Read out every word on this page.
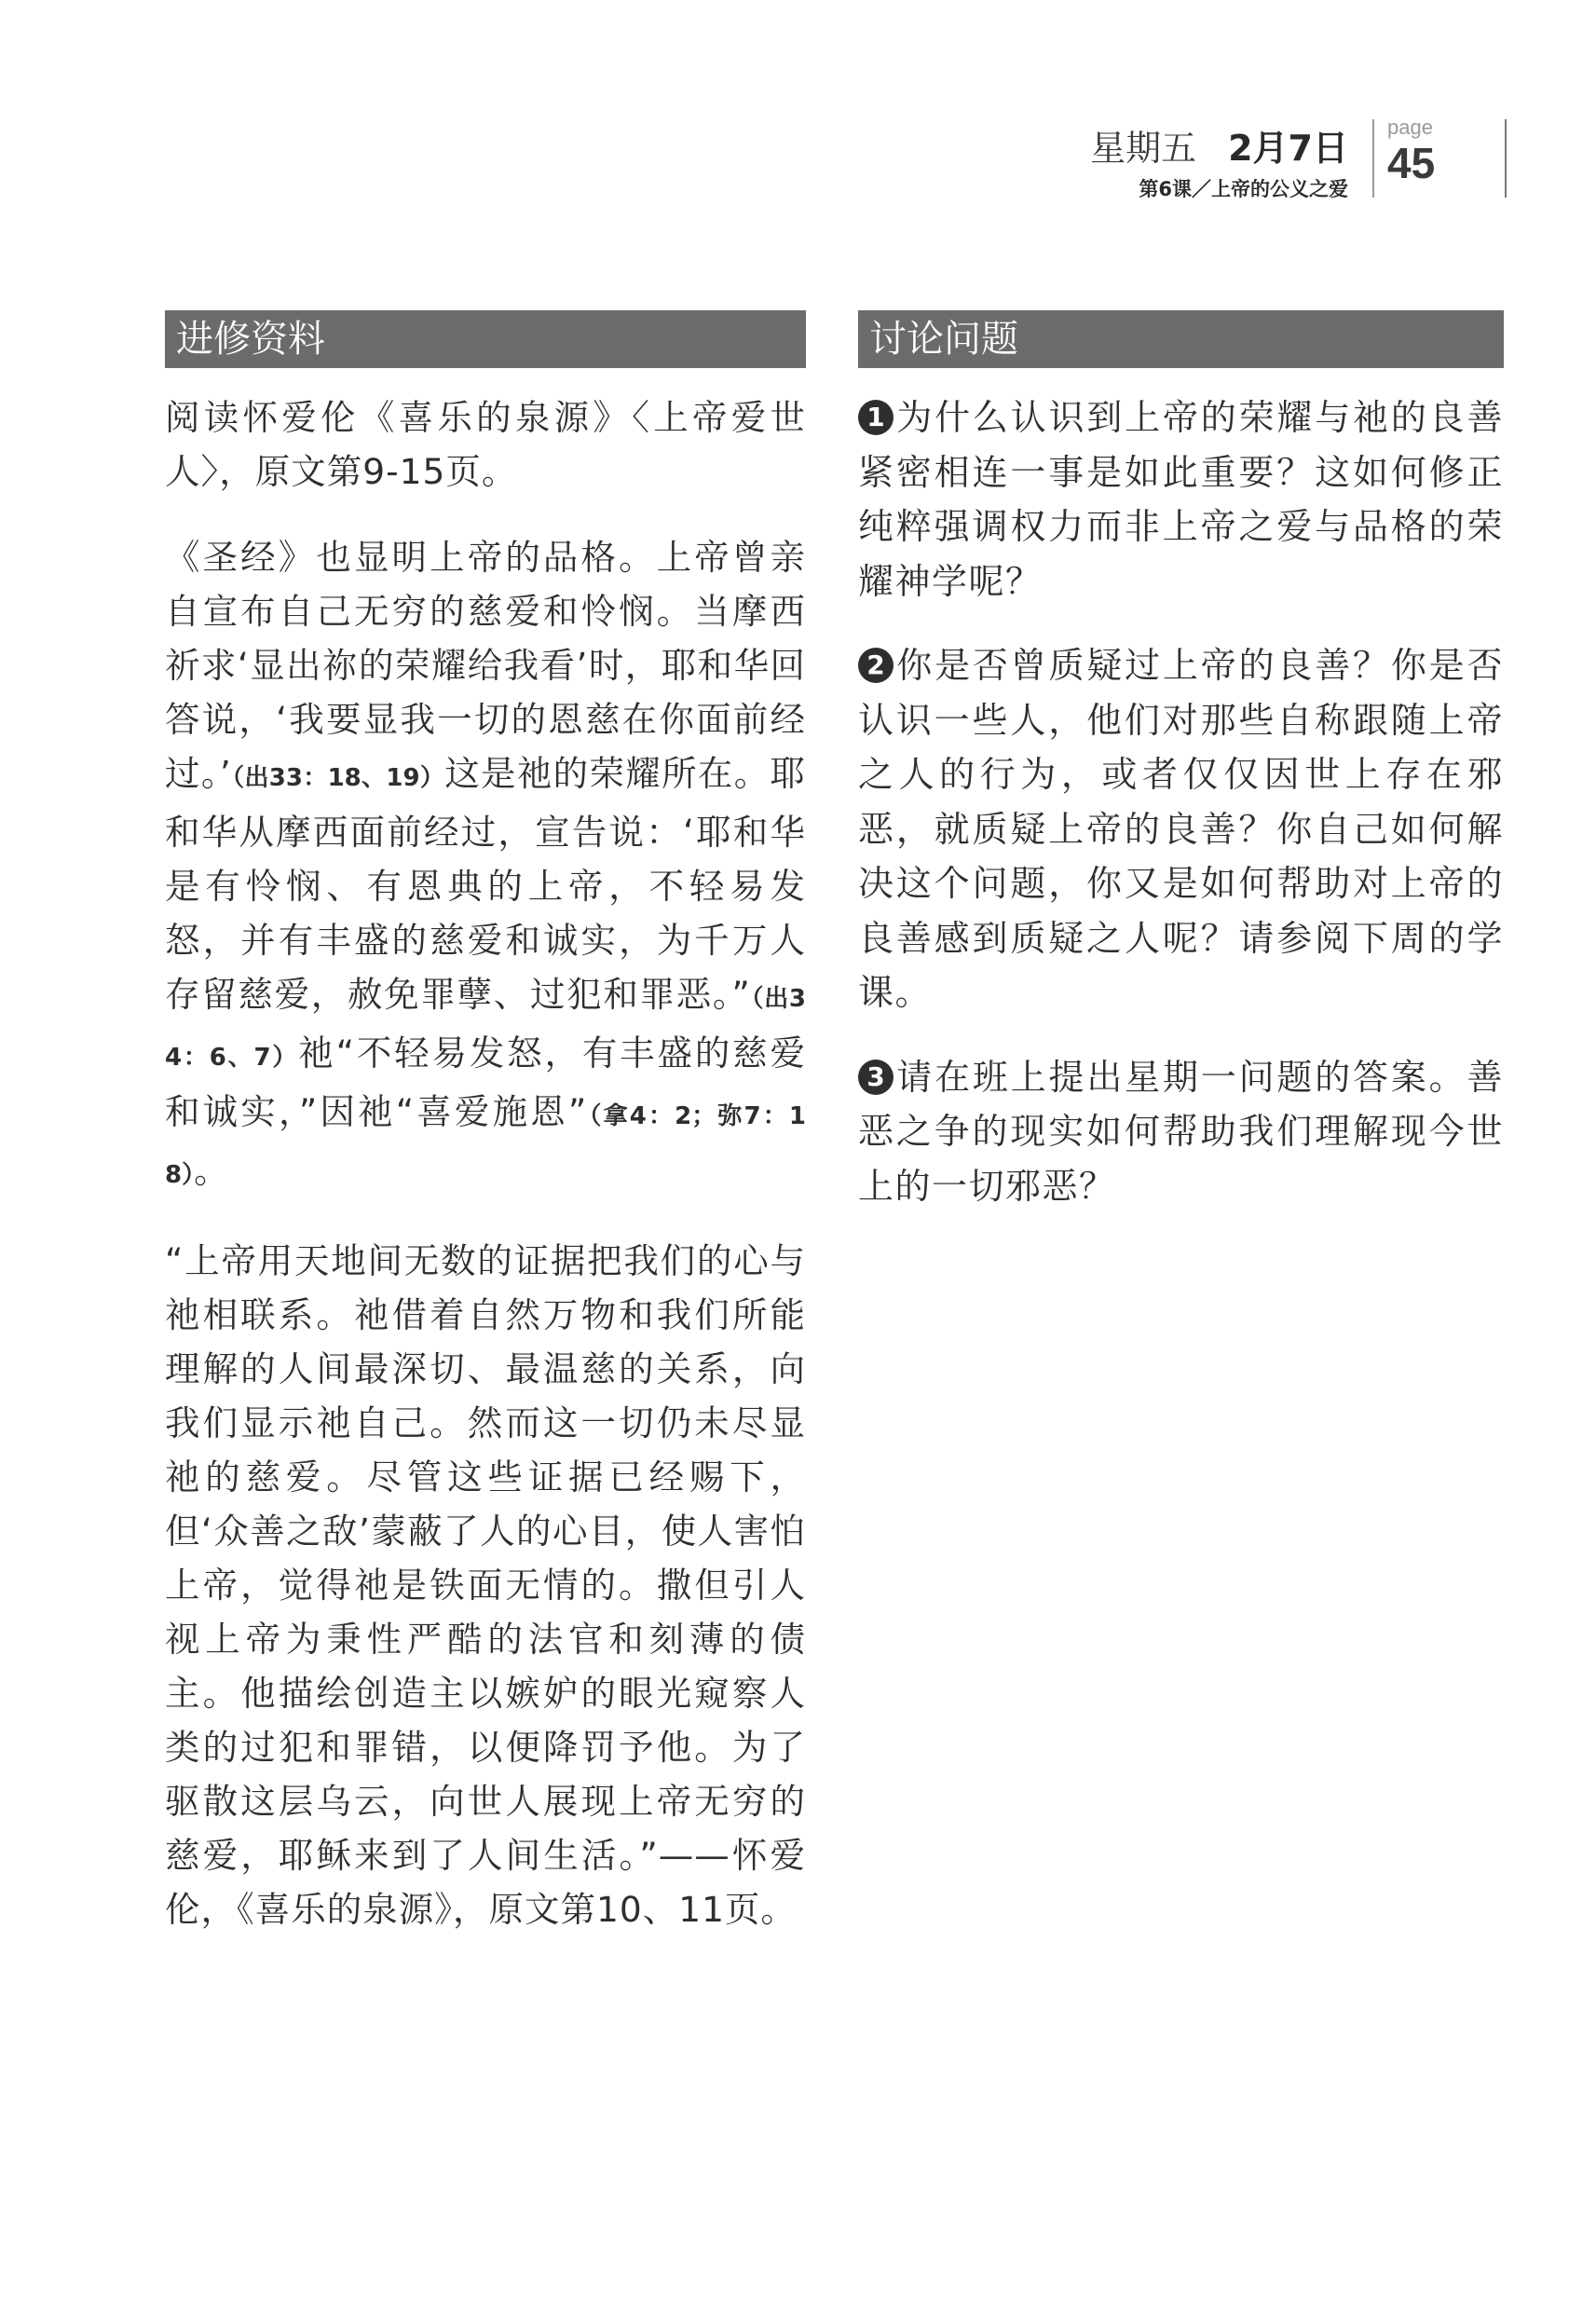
星期五 2月7日
第6课／上帝的公义之爱
page
45
进修资料

阅读怀爱伦《喜乐的泉源》〈上帝爱世人〉，原文第9-15页。

《圣经》也显明上帝的品格。上帝曾亲自宣布自己无穷的慈爱和怜悯。当摩西祈求‘显出祢的荣耀给我看’时，耶和华回答说，‘我要显我一切的恩慈在你面前经过。’（出33：18、19）这是祂的荣耀所在。耶和华从摩西面前经过，宣告说：‘耶和华是有怜悯、有恩典的上帝，不轻易发怒，并有丰盛的慈爱和诚实，为千万人存留慈爱，赦免罪孽、过犯和罪恶。”（出34：6、7）祂“不轻易发怒，有丰盛的慈爱和诚实，”因祂“喜爱施恩”（拿4：2；弥7：18）。

“上帝用天地间无数的证据把我们的心与祂相联系。祂借着自然万物和我们所能理解的人间最深切、最温慈的关系，向我们显示祂自己。然而这一切仍未尽显祂的慈爱。尽管这些证据已经赐下，但‘众善之敌’蒙蔽了人的心目，使人害怕上帝，觉得祂是铁面无情的。撒但引人视上帝为秉性严酷的法官和刻薄的债主。他描绘创造主以嫉妒的眼光窥察人类的过犯和罪错，以便降罚予他。为了驱散这层乌云，向世人展现上帝无穷的慈爱，耶稣来到了人间生活。”——怀爱伦，《喜乐的泉源》，原文第10、11页。

讨论问题

1 为什么认识到上帝的荣耀与祂的良善紧密相连一事是如此重要？这如何修正纯粹强调权力而非上帝之爱与品格的荣耀神学呢？

2 你是否曾质疑过上帝的良善？你是否认识一些人，他们对那些自称跟随上帝之人的行为，或者仅仅因世上存在邪恶，就质疑上帝的良善？你自己如何解决这个问题，你又是如何帮助对上帝的良善感到质疑之人呢？请参阅下周的学课。

3 请在班上提出星期一问题的答案。善恶之争的现实如何帮助我们理解现今世上的一切邪恶？
